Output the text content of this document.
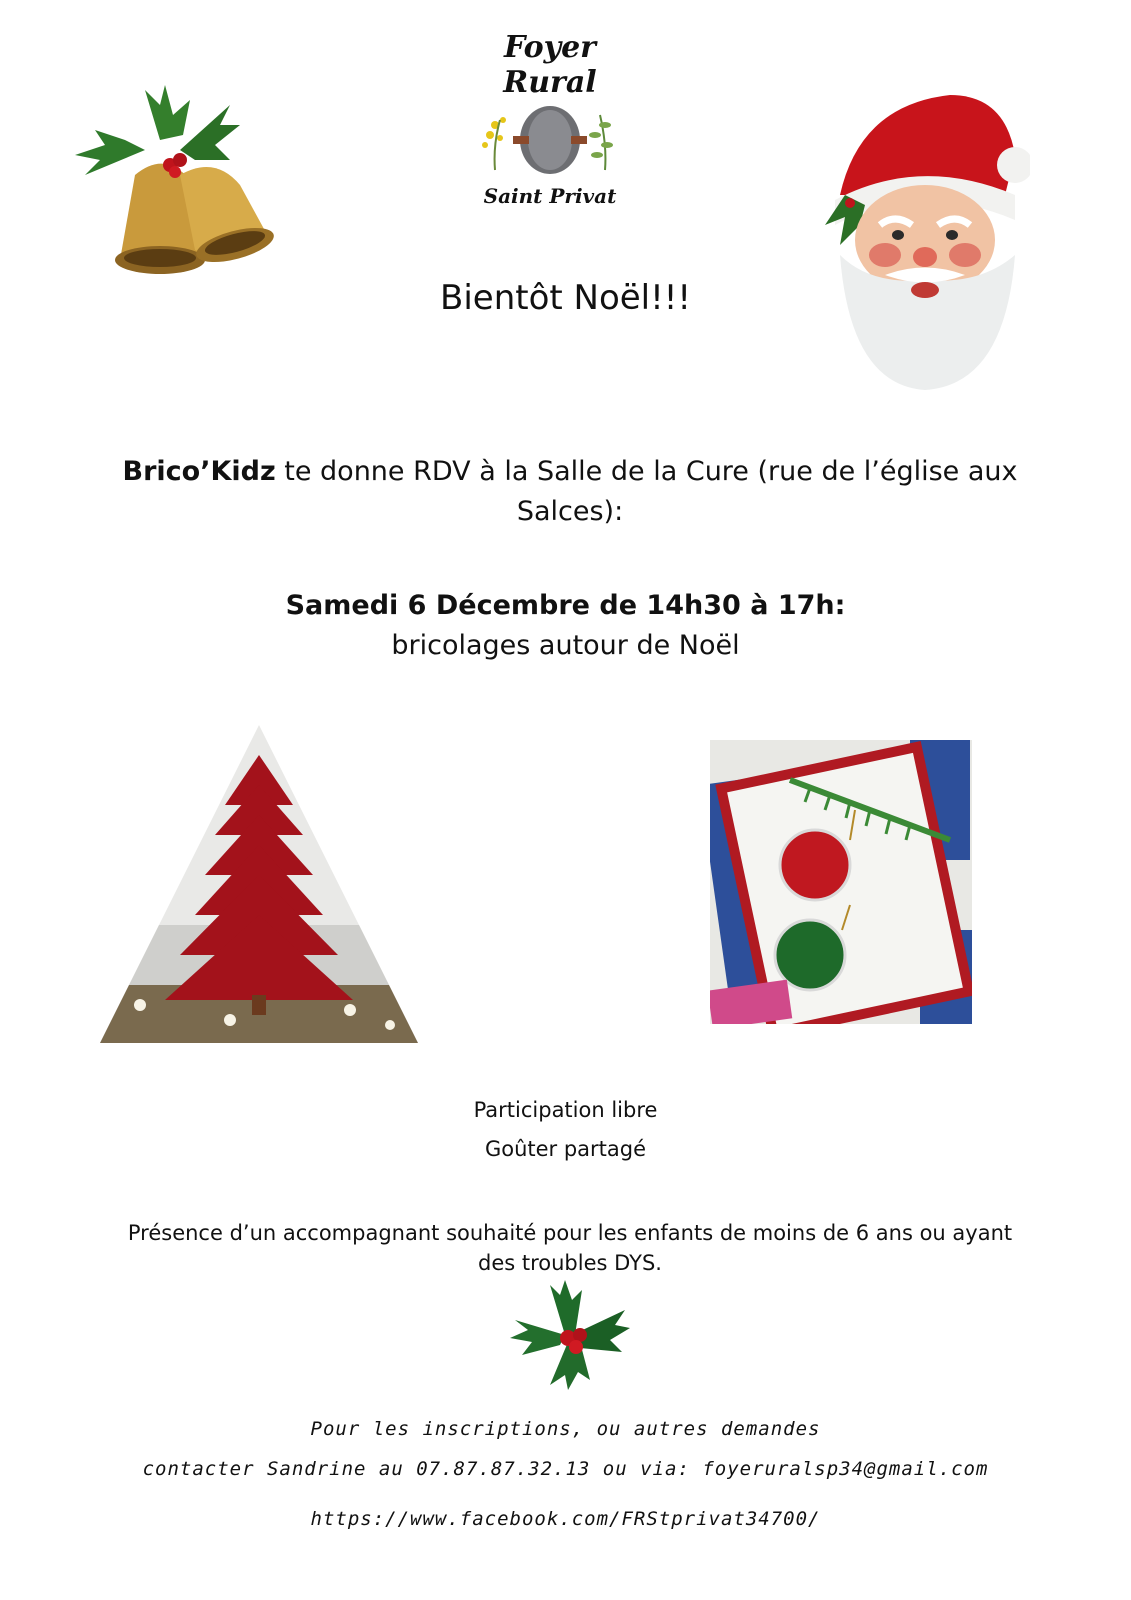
Foyer Rural
Saint Privat
Bientôt Noël!!!
Brico’Kidz te donne RDV à la Salle de la Cure (rue de l’église aux Salces):
Samedi 6 Décembre de 14h30 à 17h:
bricolages autour de Noël
Participation libre
Goûter partagé
Présence d’un accompagnant souhaité pour les enfants de moins de 6 ans ou ayant des troubles DYS.
Pour les inscriptions, ou autres demandes
contacter Sandrine au 07.87.87.32.13 ou via: foyeruralsp34@gmail.com
https://www.facebook.com/FRStprivat34700/
